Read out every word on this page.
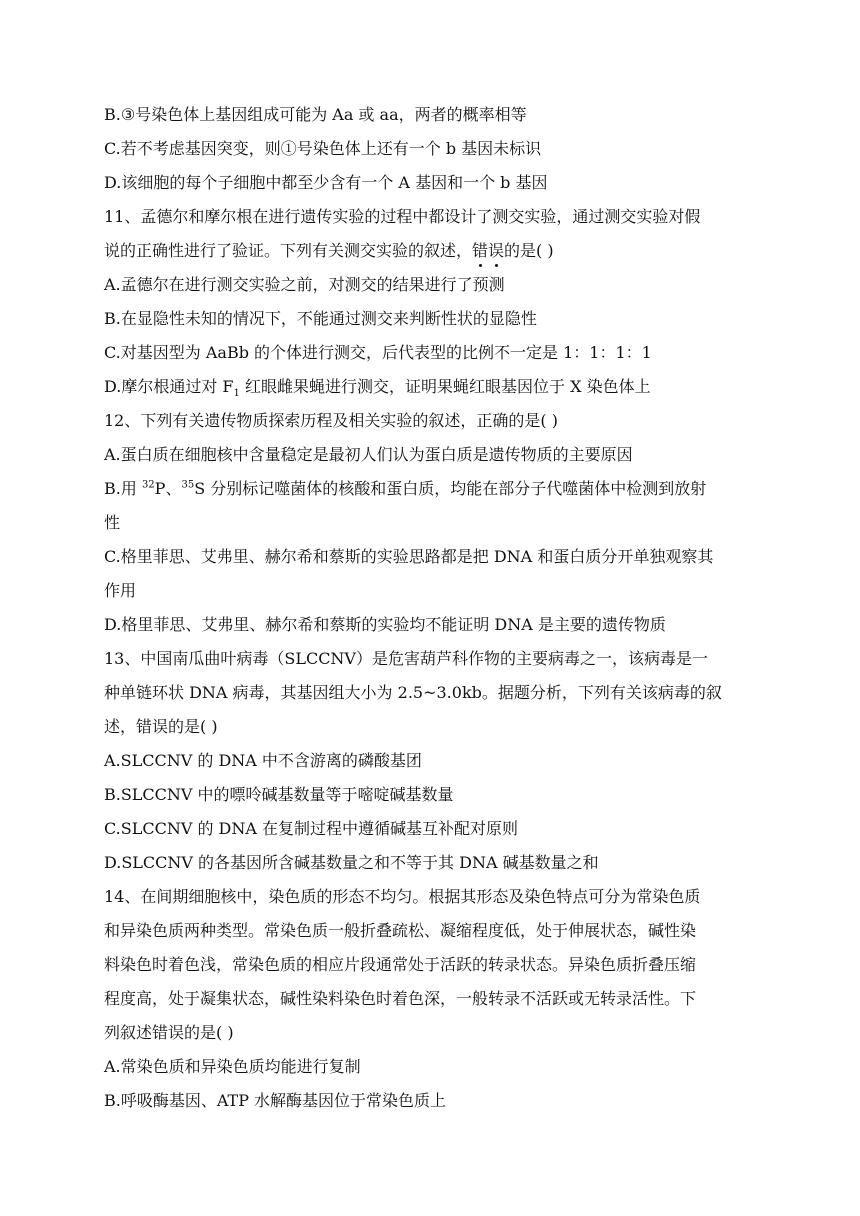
B.③号染色体上基因组成可能为 Aa 或 aa，两者的概率相等
C.若不考虑基因突变，则①号染色体上还有一个 b 基因未标识
D.该细胞的每个子细胞中都至少含有一个 A 基因和一个 b 基因
11、孟德尔和摩尔根在进行遗传实验的过程中都设计了测交实验，通过测交实验对假
说的正确性进行了验证。下列有关测交实验的叙述，错误的是( )
A.孟德尔在进行测交实验之前，对测交的结果进行了预测
B.在显隐性未知的情况下，不能通过测交来判断性状的显隐性
C.对基因型为 AaBb 的个体进行测交，后代表型的比例不一定是 1：1：1：1
D.摩尔根通过对 $F_1$ 红眼雌果蝇进行测交，证明果蝇红眼基因位于 X 染色体上
12、下列有关遗传物质探索历程及相关实验的叙述，正确的是( )
A.蛋白质在细胞核中含量稳定是最初人们认为蛋白质是遗传物质的主要原因
B.用 $^{32}$P、$^{35}$S 分别标记噬菌体的核酸和蛋白质，均能在部分子代噬菌体中检测到放射
性
C.格里菲思、艾弗里、赫尔希和蔡斯的实验思路都是把 DNA 和蛋白质分开单独观察其
作用
D.格里菲思、艾弗里、赫尔希和蔡斯的实验均不能证明 DNA 是主要的遗传物质
13、中国南瓜曲叶病毒（SLCCNV）是危害葫芦科作物的主要病毒之一，该病毒是一
种单链环状 DNA 病毒，其基因组大小为 2.5~3.0kb。据题分析，下列有关该病毒的叙
述，错误的是( )
A.SLCCNV 的 DNA 中不含游离的磷酸基团
B.SLCCNV 中的嘌呤碱基数量等于嘧啶碱基数量
C.SLCCNV 的 DNA 在复制过程中遵循碱基互补配对原则
D.SLCCNV 的各基因所含碱基数量之和不等于其 DNA 碱基数量之和
14、在间期细胞核中，染色质的形态不均匀。根据其形态及染色特点可分为常染色质
和异染色质两种类型。常染色质一般折叠疏松、凝缩程度低，处于伸展状态，碱性染
料染色时着色浅，常染色质的相应片段通常处于活跃的转录状态。异染色质折叠压缩
程度高，处于凝集状态，碱性染料染色时着色深，一般转录不活跃或无转录活性。下
列叙述错误的是( )
A.常染色质和异染色质均能进行复制
B.呼吸酶基因、ATP 水解酶基因位于常染色质上
